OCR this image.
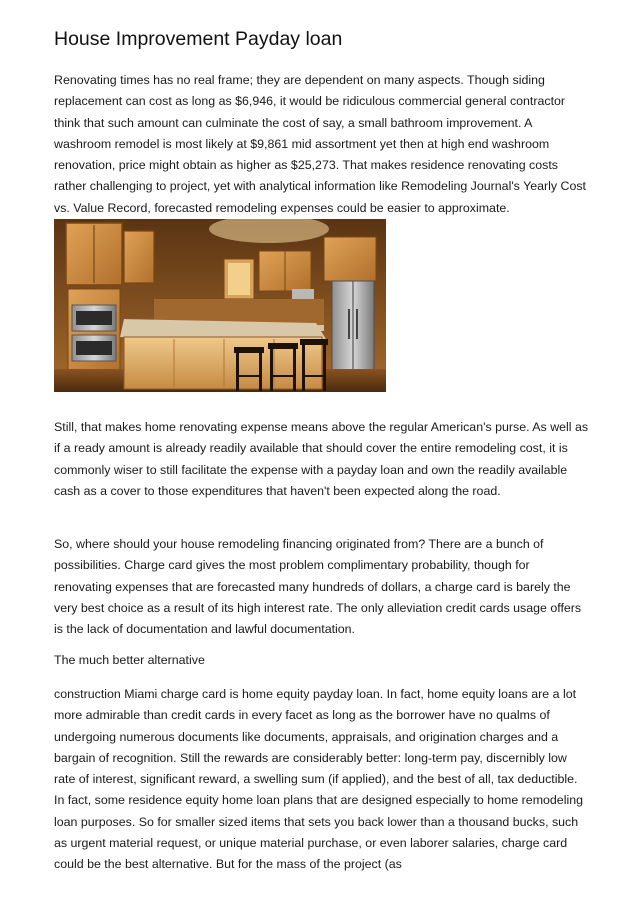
House Improvement Payday loan

Renovating times has no real frame; they are dependent on many aspects. Though siding replacement can cost as long as $6,946, it would be ridiculous commercial general contractor think that such amount can culminate the cost of say, a small bathroom improvement. A washroom remodel is most likely at $9,861 mid assortment yet then at high end washroom renovation, price might obtain as higher as $25,273. That makes residence renovating costs rather challenging to project, yet with analytical information like Remodeling Journal's Yearly Cost vs. Value Record, forecasted remodeling expenses could be easier to approximate.

Still, that makes home renovating expense means above the regular American's purse. As well as if a ready amount is already readily available that should cover the entire remodeling cost, it is commonly wiser to still facilitate the expense with a payday loan and own the readily available cash as a cover to those expenditures that haven't been expected along the road.

So, where should your house remodeling financing originated from? There are a bunch of possibilities. Charge card gives the most problem complimentary probability, though for renovating expenses that are forecasted many hundreds of dollars, a charge card is barely the very best choice as a result of its high interest rate. The only alleviation credit cards usage offers is the lack of documentation and lawful documentation.

The much better alternative

construction Miami charge card is home equity payday loan. In fact, home equity loans are a lot more admirable than credit cards in every facet as long as the borrower have no qualms of undergoing numerous documents like documents, appraisals, and origination charges and a bargain of recognition. Still the rewards are considerably better: long-term pay, discernibly low rate of interest, significant reward, a swelling sum (if applied), and the best of all, tax deductible. In fact, some residence equity home loan plans that are designed especially to home remodeling loan purposes. So for smaller sized items that sets you back lower than a thousand bucks, such as urgent material request, or unique material purchase, or even laborer salaries, charge card could be the best alternative. But for the mass of the project (as
